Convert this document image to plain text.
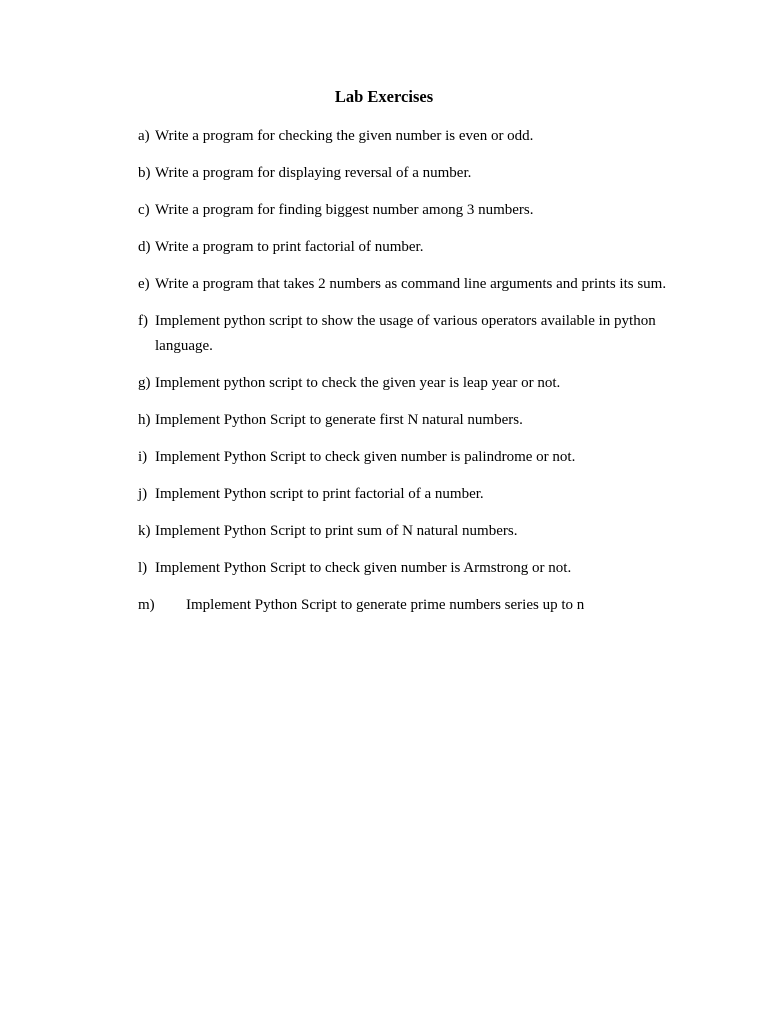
Lab Exercises
a) Write a program for checking the given number is even or odd.
b) Write a program for displaying reversal of a number.
c) Write a program for finding biggest number among 3 numbers.
d) Write a program to print factorial of number.
e) Write a program that takes 2 numbers as command line arguments and prints its sum.
f) Implement python script to show the usage of various operators available in python language.
g) Implement python script to check the given year is leap year or not.
h) Implement Python Script to generate first N natural numbers.
i) Implement Python Script to check given number is palindrome or not.
j) Implement Python script to print factorial of a number.
k) Implement Python Script to print sum of N natural numbers.
l) Implement Python Script to check given number is Armstrong or not.
m)	Implement Python Script to generate prime numbers series up to n
